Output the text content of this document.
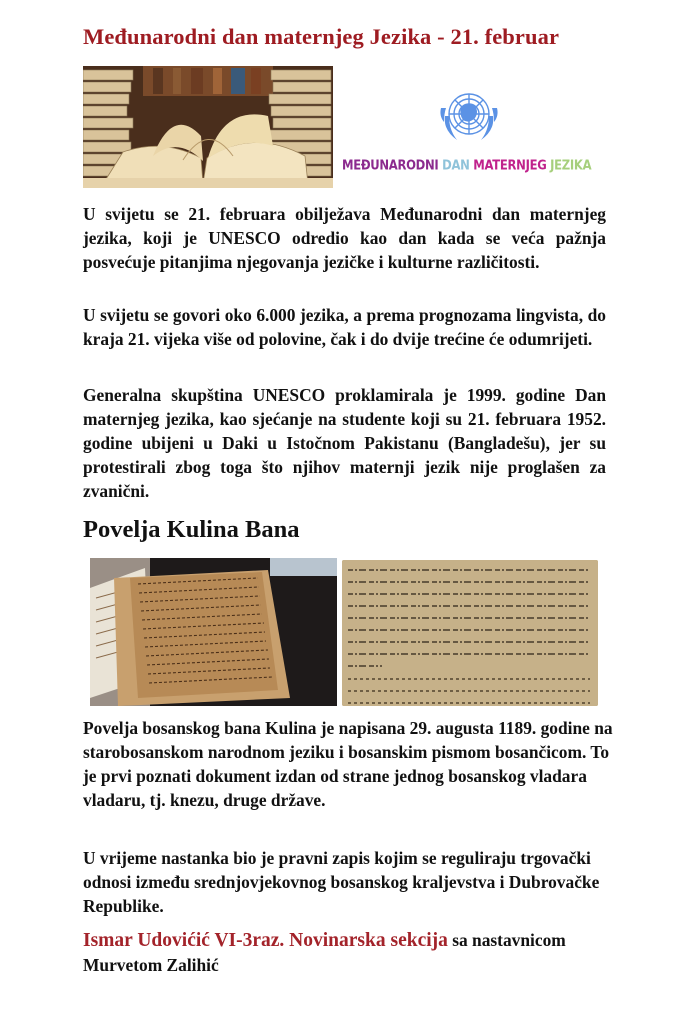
Međunarodni dan maternjeg Jezika - 21. februar
MEĐUNARODNI DAN MATERNJEG JEZIKA

U svijetu se 21. februara obilježava Međunarodni dan maternjeg jezika, koji je UNESCO odredio kao dan kada se veća pažnja posvećuje pitanjima njegovanja jezičke i kulturne različitosti.

U svijetu se govori oko 6.000 jezika, a prema prognozama lingvista, do kraja 21. vijeka više od polovine, čak i do dvije trećine će odumrijeti.

Generalna skupština UNESCO proklamirala je 1999. godine Dan maternjeg jezika, kao sjećanje na studente koji su 21. februara 1952. godine ubijeni u Daki u Istočnom Pakistanu (Bangladešu), jer su protestirali zbog toga što njihov maternji jezik nije proglašen za zvanični.

Povelja Kulina Bana

Povelja bosanskog bana Kulina je napisana 29. augusta 1189. godine na starobosanskom narodnom jeziku i bosanskim pismom bosančicom. To je prvi poznati dokument izdan od strane jednog bosanskog vladara vladaru, tj. knezu, druge države.

U vrijeme nastanka bio je pravni zapis kojim se reguliraju trgovački odnosi između srednjovjekovnog bosanskog kraljevstva i Dubrovačke Republike.

Ismar Udovićić VI-3raz. Novinarska sekcija sa nastavnicom Murvetom Zalihić
